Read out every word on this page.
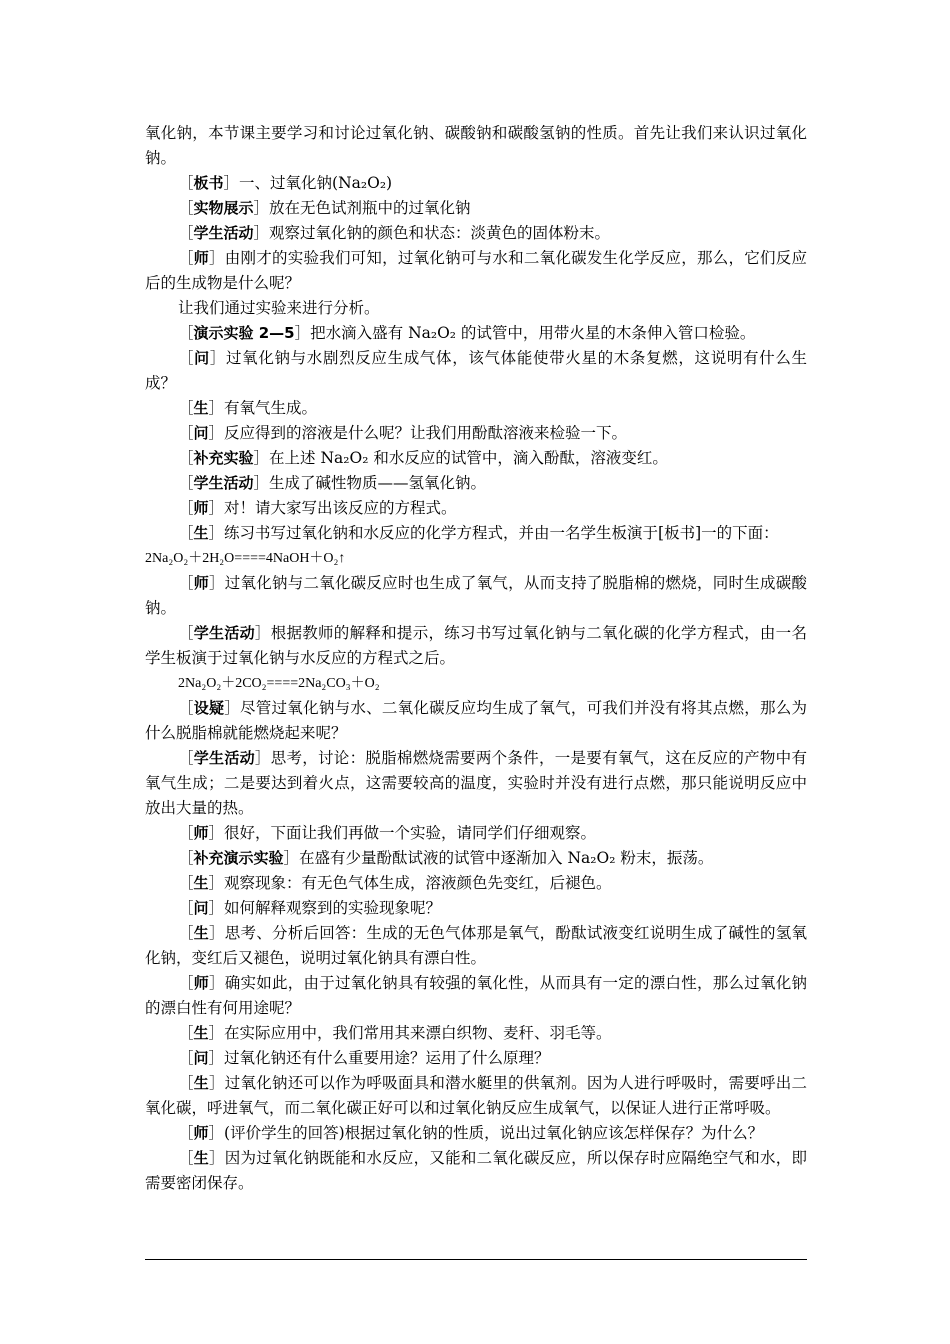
氧化钠，本节课主要学习和讨论过氧化钠、碳酸钠和碳酸氢钠的性质。首先让我们来认识过氧化钠。

［板书］一、过氧化钠(Na₂O₂)

［实物展示］放在无色试剂瓶中的过氧化钠

［学生活动］观察过氧化钠的颜色和状态：淡黄色的固体粉末。

［师］由刚才的实验我们可知，过氧化钠可与水和二氧化碳发生化学反应，那么，它们反应后的生成物是什么呢？

让我们通过实验来进行分析。

［演示实验 2—5］把水滴入盛有 Na₂O₂ 的试管中，用带火星的木条伸入管口检验。

［问］过氧化钠与水剧烈反应生成气体，该气体能使带火星的木条复燃，这说明有什么生成？

［生］有氧气生成。

［问］反应得到的溶液是什么呢？让我们用酚酞溶液来检验一下。

［补充实验］在上述 Na₂O₂ 和水反应的试管中，滴入酚酞，溶液变红。

［学生活动］生成了碱性物质——氢氧化钠。

［师］对！请大家写出该反应的方程式。

［生］练习书写过氧化钠和水反应的化学方程式，并由一名学生板演于[板书]一的下面：

2Na₂O₂＋2H₂O====4NaOH＋O₂↑

［师］过氧化钠与二氧化碳反应时也生成了氧气，从而支持了脱脂棉的燃烧，同时生成碳酸钠。

［学生活动］根据教师的解释和提示，练习书写过氧化钠与二氧化碳的化学方程式，由一名学生板演于过氧化钠与水反应的方程式之后。

2Na₂O₂＋2CO₂====2Na₂CO₃＋O₂

［设疑］尽管过氧化钠与水、二氧化碳反应均生成了氧气，可我们并没有将其点燃，那么为什么脱脂棉就能燃烧起来呢？

［学生活动］思考，讨论：脱脂棉燃烧需要两个条件，一是要有氧气，这在反应的产物中有氧气生成；二是要达到着火点，这需要较高的温度，实验时并没有进行点燃，那只能说明反应中放出大量的热。

［师］很好，下面让我们再做一个实验，请同学们仔细观察。

［补充演示实验］在盛有少量酚酞试液的试管中逐渐加入 Na₂O₂ 粉末，振荡。

［生］观察现象：有无色气体生成，溶液颜色先变红，后褪色。

［问］如何解释观察到的实验现象呢？

［生］思考、分析后回答：生成的无色气体那是氧气，酚酞试液变红说明生成了碱性的氢氧化钠，变红后又褪色，说明过氧化钠具有漂白性。

［师］确实如此，由于过氧化钠具有较强的氧化性，从而具有一定的漂白性，那么过氧化钠的漂白性有何用途呢？

［生］在实际应用中，我们常用其来漂白织物、麦秆、羽毛等。

［问］过氧化钠还有什么重要用途？运用了什么原理？

［生］过氧化钠还可以作为呼吸面具和潜水艇里的供氧剂。因为人进行呼吸时，需要呼出二氧化碳，呼进氧气，而二氧化碳正好可以和过氧化钠反应生成氧气，以保证人进行正常呼吸。

［师］(评价学生的回答)根据过氧化钠的性质，说出过氧化钠应该怎样保存？为什么？

［生］因为过氧化钠既能和水反应，又能和二氧化碳反应，所以保存时应隔绝空气和水，即需要密闭保存。
